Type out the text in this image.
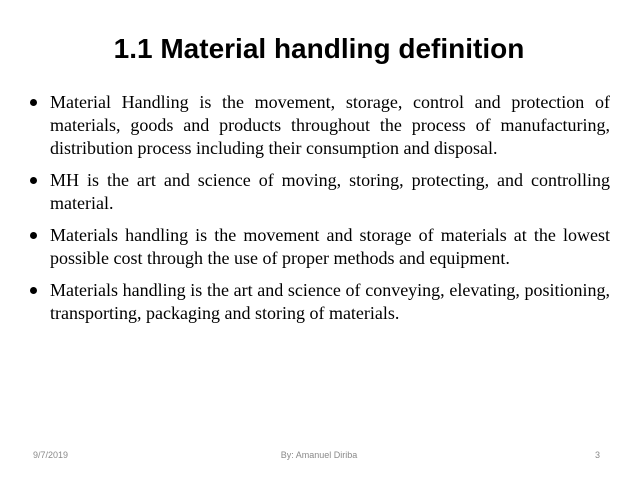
1.1 Material handling definition
Material Handling is the movement, storage, control and protection of materials, goods and products throughout the process of manufacturing, distribution process including their consumption and disposal.
MH is the art and science of moving, storing, protecting, and controlling material.
Materials handling is the movement and storage of materials at the lowest possible cost through the use of proper methods and equipment.
Materials handling is the art and science of conveying, elevating, positioning, transporting, packaging and storing of materials.
9/7/2019	By: Amanuel Diriba	3
